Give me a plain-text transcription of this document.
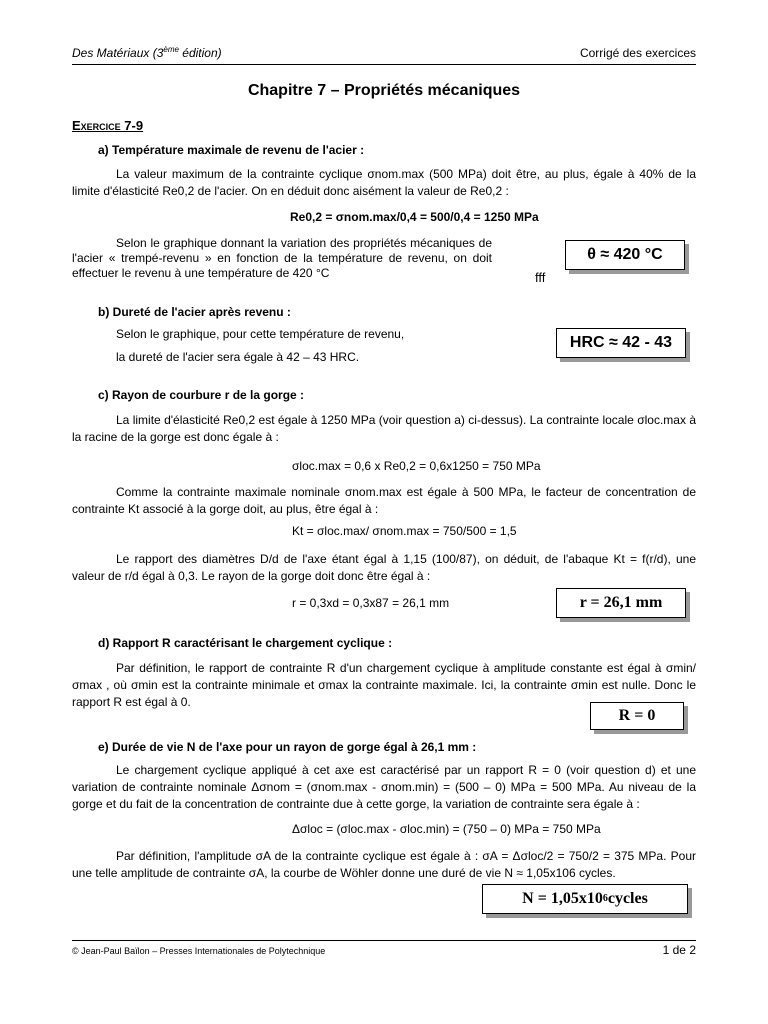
Des Matériaux (3ème édition)	Corrigé des exercices
Chapitre 7 – Propriétés mécaniques
Exercice 7-9
a) Température maximale de revenu de l'acier :
La valeur maximum de la contrainte cyclique σnom.max (500 MPa) doit être, au plus, égale à 40% de la limite d'élasticité Re0,2 de l'acier. On en déduit donc aisément la valeur de Re0,2 :
Re0,2 = σnom.max/0,4 = 500/0,4 = 1250 MPa
Selon le graphique donnant la variation des propriétés mécaniques de l'acier « trempé-revenu » en fonction de la température de revenu, on doit effectuer le revenu à une température de 420 °C
θ ≈ 420 °C
fff
b) Dureté de l'acier après revenu :
Selon le graphique, pour cette température de revenu,
la dureté de l'acier sera égale à 42 – 43 HRC.
HRC ≈ 42 - 43
c) Rayon de courbure r de la gorge :
La limite d'élasticité Re0,2 est égale à 1250 MPa (voir question a) ci-dessus). La contrainte locale σloc.max à la racine de la gorge est donc égale à :
σloc.max = 0,6 x Re0,2 = 0,6x1250 = 750 MPa
Comme la contrainte maximale nominale σnom.max est égale à 500 MPa, le facteur de concentration de contrainte Kt associé à la gorge doit, au plus, être égal à :
Kt = σloc.max/ σnom.max = 750/500 = 1,5
Le rapport des diamètres D/d de l'axe étant égal à 1,15 (100/87), on déduit, de l'abaque Kt = f(r/d), une valeur de r/d égal à 0,3. Le rayon de la gorge doit donc être égal à :
r = 0,3xd = 0,3x87 = 26,1 mm	r = 26,1 mm
d) Rapport R caractérisant le chargement cyclique :
Par définition, le rapport de contrainte R d'un chargement cyclique à amplitude constante est égal à σmin/ σmax , où σmin est la contrainte minimale et σmax la contrainte maximale. Ici, la contrainte σmin est nulle. Donc le rapport R est égal à 0.
R = 0
e) Durée de vie N de l'axe pour un rayon de gorge égal à 26,1 mm :
Le chargement cyclique appliqué à cet axe est caractérisé par un rapport R = 0 (voir question d) et une variation de contrainte nominale Δσnom = (σnom.max - σnom.min) = (500 – 0) MPa = 500 MPa. Au niveau de la gorge et du fait de la concentration de contrainte due à cette gorge, la variation de contrainte sera égale à :
Δσloc = (σloc.max - σloc.min) = (750 – 0) MPa = 750 MPa
Par définition, l'amplitude σA de la contrainte cyclique est égale à : σA = Δσloc/2 = 750/2 = 375 MPa. Pour une telle amplitude de contrainte σA, la courbe de Wöhler donne une duré de vie N ≈ 1,05x106 cycles.
N = 1,05x10 6 cycles
© Jean-Paul Baïlon – Presses Internationales de Polytechnique	1 de 2
